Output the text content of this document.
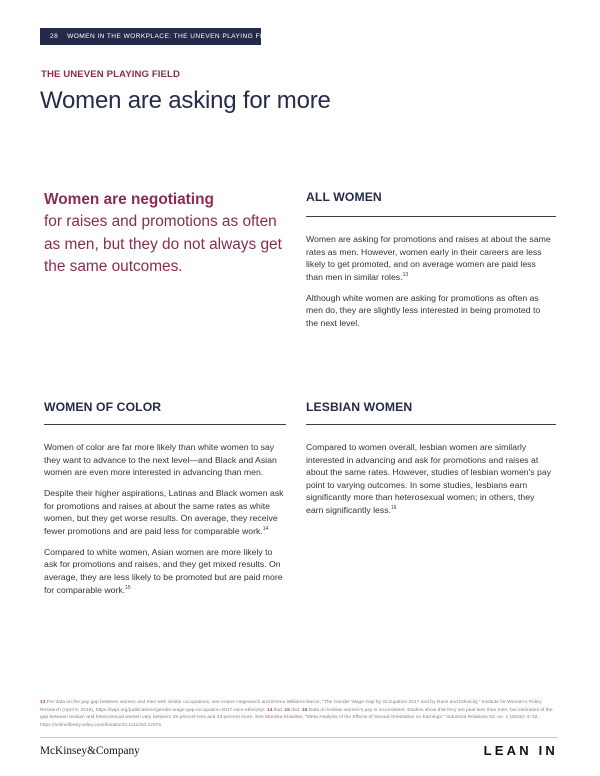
28 WOMEN IN THE WORKPLACE: THE UNEVEN PLAYING FIELD
THE UNEVEN PLAYING FIELD
Women are asking for more
Women are negotiating
for raises and promotions as often as men, but they do not always get the same outcomes.
ALL WOMEN

Women are asking for promotions and raises at about the same rates as men. However, women early in their careers are less likely to get promoted, and on average women are paid less than men in similar roles.$^{13}$

Although white women are asking for promotions as often as men do, they are slightly less interested in being promoted to the next level.

WOMEN OF COLOR

Women of color are far more likely than white women to say they want to advance to the next level—and Black and Asian women are even more interested in advancing than men.

Despite their higher aspirations, Latinas and Black women ask for promotions and raises at about the same rates as white women, but they get worse results. On average, they receive fewer promotions and are paid less for comparable work.$^{14}$

Compared to white women, Asian women are more likely to ask for promotions and raises, and they get mixed results. On average, they are less likely to be promoted but are paid more for comparable work.$^{15}$

LESBIAN WOMEN

Compared to women overall, lesbian women are similarly interested in advancing and ask for promotions and raises at about the same rates. However, studies of lesbian women's pay point to varying outcomes. In some studies, lesbians earn significantly more than heterosexual women; in others, they earn significantly less.$^{16}$

13 For data on the pay gap between women and men with similar occupations, see Ariane Hegewisch and Emma Williams-Baron, "The Gender Wage Gap by Occupation 2017 and by Race and Ethnicity," Institute for Women's Policy Research (April 9, 2018), https://iwpr.org/publications/gender-wage-gap-occupation-2017-race-ethnicity/. 14 Ibid. 15 Ibid. 16 Data on lesbian women's pay is inconsistent. Studies show that they are paid less than men, but estimates of the gap between lesbian and heterosexual women vary between 25 percent less and 43 percent more. See Marieka Klawitter, "Meta-Analysis of the Effects of Sexual Orientation on Earnings," Industrial Relations 54, no. 1 (2015): 4–32, https://onlinelibrary.wiley.com/doi/abs/10.1111/irel.12075.
McKinsey&Company	LEAN IN
